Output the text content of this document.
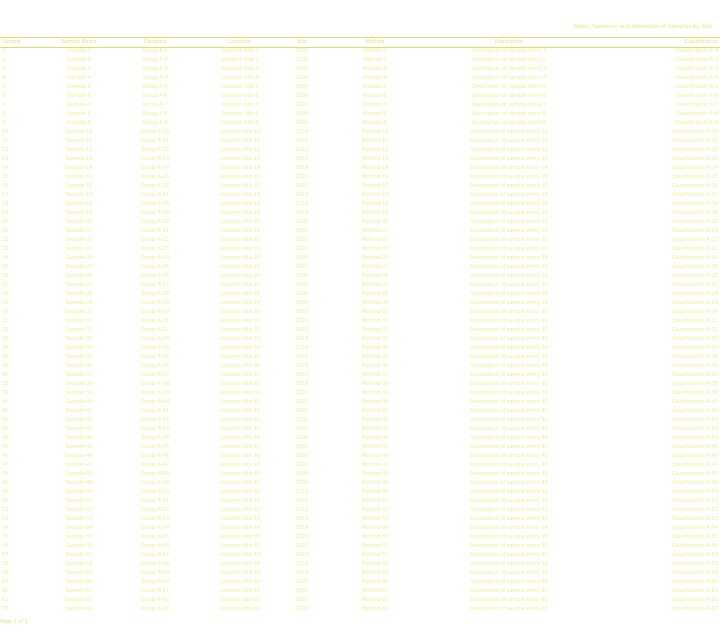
Table: Spectrum and Attributes of Samples by Site
Sample	Sample Name	Category	Location	Year	Method	Description	Classification
1	Sample-1	Group A-1	Location Site 1	2001	Method-1	Description of sample entry 1	Classification A-1
2	Sample-2	Group A-2	Location Site 2	2002	Method-2	Description of sample entry 2	Classification A-2
3	Sample-3	Group A-3	Location Site 3	2003	Method-3	Description of sample entry 3	Classification A-3
4	Sample-4	Group A-4	Location Site 4	2004	Method-4	Description of sample entry 4	Classification A-4
5	Sample-5	Group A-5	Location Site 5	2005	Method-5	Description of sample entry 5	Classification A-5
6	Sample-6	Group A-6	Location Site 6	2006	Method-6	Description of sample entry 6	Classification A-6
7	Sample-7	Group A-7	Location Site 7	2007	Method-7	Description of sample entry 7	Classification A-7
8	Sample-8	Group A-8	Location Site 8	2008	Method-8	Description of sample entry 8	Classification A-8
9	Sample-9	Group A-9	Location Site 9	2009	Method-9	Description of sample entry 9	Classification A-9
10	Sample-10	Group A-10	Location Site 10	2010	Method-10	Description of sample entry 10	Classification A-10
11	Sample-11	Group A-11	Location Site 11	2011	Method-11	Description of sample entry 11	Classification A-11
12	Sample-12	Group A-12	Location Site 12	2012	Method-12	Description of sample entry 12	Classification A-12
13	Sample-13	Group A-13	Location Site 13	2013	Method-13	Description of sample entry 13	Classification A-13
14	Sample-14	Group A-14	Location Site 14	2014	Method-14	Description of sample entry 14	Classification A-14
15	Sample-15	Group A-15	Location Site 15	2015	Method-15	Description of sample entry 15	Classification A-15
16	Sample-16	Group A-16	Location Site 16	2016	Method-16	Description of sample entry 16	Classification A-16
17	Sample-17	Group A-17	Location Site 17	2017	Method-17	Description of sample entry 17	Classification A-17
18	Sample-18	Group A-18	Location Site 18	2018	Method-18	Description of sample entry 18	Classification A-18
19	Sample-19	Group A-19	Location Site 19	2019	Method-19	Description of sample entry 19	Classification A-19
20	Sample-20	Group A-20	Location Site 20	2020	Method-20	Description of sample entry 20	Classification A-20
21	Sample-21	Group A-21	Location Site 21	2001	Method-21	Description of sample entry 21	Classification A-21
22	Sample-22	Group A-22	Location Site 22	2002	Method-22	Description of sample entry 22	Classification A-22
23	Sample-23	Group A-23	Location Site 23	2003	Method-23	Description of sample entry 23	Classification A-23
24	Sample-24	Group A-24	Location Site 24	2004	Method-24	Description of sample entry 24	Classification A-24
25	Sample-25	Group A-25	Location Site 25	2005	Method-25	Description of sample entry 25	Classification A-25
26	Sample-26	Group A-26	Location Site 26	2006	Method-26	Description of sample entry 26	Classification A-26
27	Sample-27	Group A-27	Location Site 27	2007	Method-27	Description of sample entry 27	Classification A-27
28	Sample-28	Group A-28	Location Site 28	2008	Method-28	Description of sample entry 28	Classification A-28
29	Sample-29	Group A-29	Location Site 29	2009	Method-29	Description of sample entry 29	Classification A-29
30	Sample-30	Group A-30	Location Site 30	2010	Method-30	Description of sample entry 30	Classification A-30
31	Sample-31	Group A-31	Location Site 31	2011	Method-31	Description of sample entry 31	Classification A-31
32	Sample-32	Group A-32	Location Site 32	2012	Method-32	Description of sample entry 32	Classification A-32
33	Sample-33	Group A-33	Location Site 33	2013	Method-33	Description of sample entry 33	Classification A-33
34	Sample-34	Group A-34	Location Site 34	2014	Method-34	Description of sample entry 34	Classification A-34
35	Sample-35	Group A-35	Location Site 35	2015	Method-35	Description of sample entry 35	Classification A-35
36	Sample-36	Group A-36	Location Site 36	2016	Method-36	Description of sample entry 36	Classification A-36
37	Sample-37	Group A-37	Location Site 37	2017	Method-37	Description of sample entry 37	Classification A-37
38	Sample-38	Group A-38	Location Site 38	2018	Method-38	Description of sample entry 38	Classification A-38
39	Sample-39	Group A-39	Location Site 39	2019	Method-39	Description of sample entry 39	Classification A-39
40	Sample-40	Group A-40	Location Site 40	2020	Method-40	Description of sample entry 40	Classification A-40
41	Sample-41	Group A-41	Location Site 41	2001	Method-41	Description of sample entry 41	Classification A-41
42	Sample-42	Group A-42	Location Site 42	2002	Method-42	Description of sample entry 42	Classification A-42
43	Sample-43	Group A-43	Location Site 43	2003	Method-43	Description of sample entry 43	Classification A-43
44	Sample-44	Group A-44	Location Site 44	2004	Method-44	Description of sample entry 44	Classification A-44
45	Sample-45	Group A-45	Location Site 45	2005	Method-45	Description of sample entry 45	Classification A-45
46	Sample-46	Group A-46	Location Site 46	2006	Method-46	Description of sample entry 46	Classification A-46
47	Sample-47	Group A-47	Location Site 47	2007	Method-47	Description of sample entry 47	Classification A-47
48	Sample-48	Group A-48	Location Site 48	2008	Method-48	Description of sample entry 48	Classification A-48
49	Sample-49	Group A-49	Location Site 49	2009	Method-49	Description of sample entry 49	Classification A-49
50	Sample-50	Group A-50	Location Site 50	2010	Method-50	Description of sample entry 50	Classification A-50
51	Sample-51	Group A-51	Location Site 51	2011	Method-51	Description of sample entry 51	Classification A-51
52	Sample-52	Group A-52	Location Site 52	2012	Method-52	Description of sample entry 52	Classification A-52
53	Sample-53	Group A-53	Location Site 53	2013	Method-53	Description of sample entry 53	Classification A-53
54	Sample-54	Group A-54	Location Site 54	2014	Method-54	Description of sample entry 54	Classification A-54
55	Sample-55	Group A-55	Location Site 55	2015	Method-55	Description of sample entry 55	Classification A-55
56	Sample-56	Group A-56	Location Site 56	2016	Method-56	Description of sample entry 56	Classification A-56
57	Sample-57	Group A-57	Location Site 57	2017	Method-57	Description of sample entry 57	Classification A-57
58	Sample-58	Group A-58	Location Site 58	2018	Method-58	Description of sample entry 58	Classification A-58
59	Sample-59	Group A-59	Location Site 59	2019	Method-59	Description of sample entry 59	Classification A-59
60	Sample-60	Group A-60	Location Site 60	2020	Method-60	Description of sample entry 60	Classification A-60
61	Sample-61	Group A-61	Location Site 61	2001	Method-61	Description of sample entry 61	Classification A-61
62	Sample-62	Group A-62	Location Site 62	2002	Method-62	Description of sample entry 62	Classification A-62
63	Sample-63	Group A-63	Location Site 63	2003	Method-63	Description of sample entry 63	Classification A-63
Page 1 of 1
